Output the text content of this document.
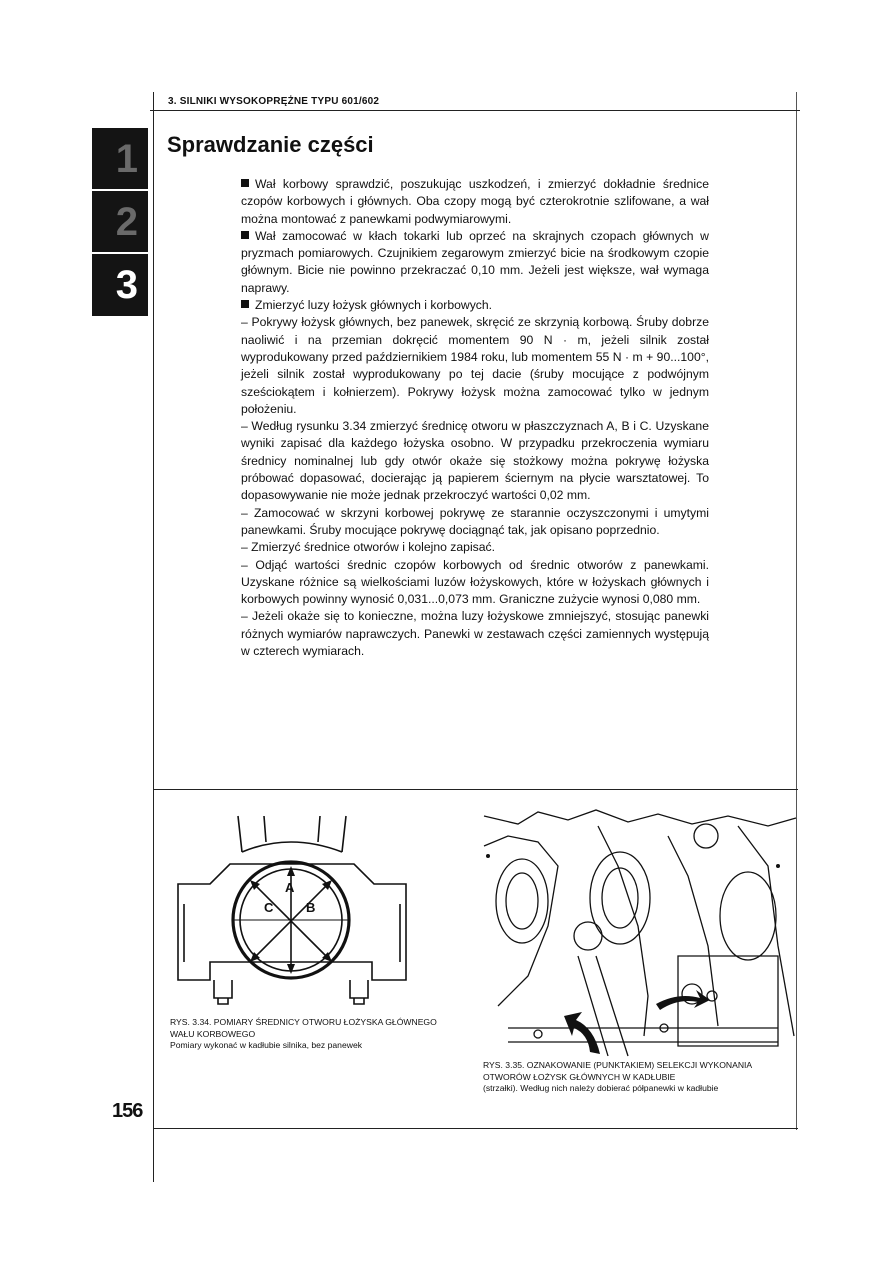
3. SILNIKI WYSOKOPRĘŻNE TYPU 601/602
1
2
3
Sprawdzanie części

Wał korbowy sprawdzić, poszukując uszkodzeń, i zmierzyć dokładnie średnice czopów korbowych i głównych. Oba czopy mogą być czterokrotnie szlifowane, a wał można montować z panewkami podwymiarowymi.

Wał zamocować w kłach tokarki lub oprzeć na skrajnych czopach głównych w pryzmach pomiarowych. Czujnikiem zegarowym zmierzyć bicie na środkowym czopie głównym. Bicie nie powinno przekraczać 0,10 mm. Jeżeli jest większe, wał wymaga naprawy.

Zmierzyć luzy łożysk głównych i korbowych.

– Pokrywy łożysk głównych, bez panewek, skręcić ze skrzynią korbową. Śruby dobrze naoliwić i na przemian dokręcić momentem 90 N · m, jeżeli silnik został wyprodukowany przed październikiem 1984 roku, lub momentem 55 N · m + 90...100°, jeżeli silnik został wyprodukowany po tej dacie (śruby mocujące z podwójnym sześciokątem i kołnierzem). Pokrywy łożysk można zamocować tylko w jednym położeniu.

– Według rysunku 3.34 zmierzyć średnicę otworu w płaszczyznach A, B i C. Uzyskane wyniki zapisać dla każdego łożyska osobno. W przypadku przekroczenia wymiaru średnicy nominalnej lub gdy otwór okaże się stożkowy można pokrywę łożyska próbować dopasować, docierając ją papierem ściernym na płycie warsztatowej. To dopasowywanie nie może jednak przekroczyć wartości 0,02 mm.

– Zamocować w skrzyni korbowej pokrywę ze starannie oczyszczonymi i umytymi panewkami. Śruby mocujące pokrywę dociągnąć tak, jak opisano poprzednio.

– Zmierzyć średnice otworów i kolejno zapisać.

– Odjąć wartości średnic czopów korbowych od średnic otworów z panewkami. Uzyskane różnice są wielkościami luzów łożyskowych, które w łożyskach głównych i korbowych powinny wynosić 0,031...0,073 mm. Graniczne zużycie wynosi 0,080 mm.

– Jeżeli okaże się to konieczne, można luzy łożyskowe zmniejszyć, stosując panewki różnych wymiarów naprawczych. Panewki w zestawach części zamiennych występują w czterech wymiarach.

A
B
C
RYS. 3.34. POMIARY ŚREDNICY OTWORU ŁOŻYSKA GŁÓWNEGO WAŁU KORBOWEGO
Pomiary wykonać w kadłubie silnika, bez panewek
RYS. 3.35. OZNAKOWANIE (PUNKTAKIEM) SELEKCJI WYKONANIA OTWORÓW ŁOŻYSK GŁÓWNYCH W KADŁUBIE
(strzałki). Według nich należy dobierać półpanewki w kadłubie
156
